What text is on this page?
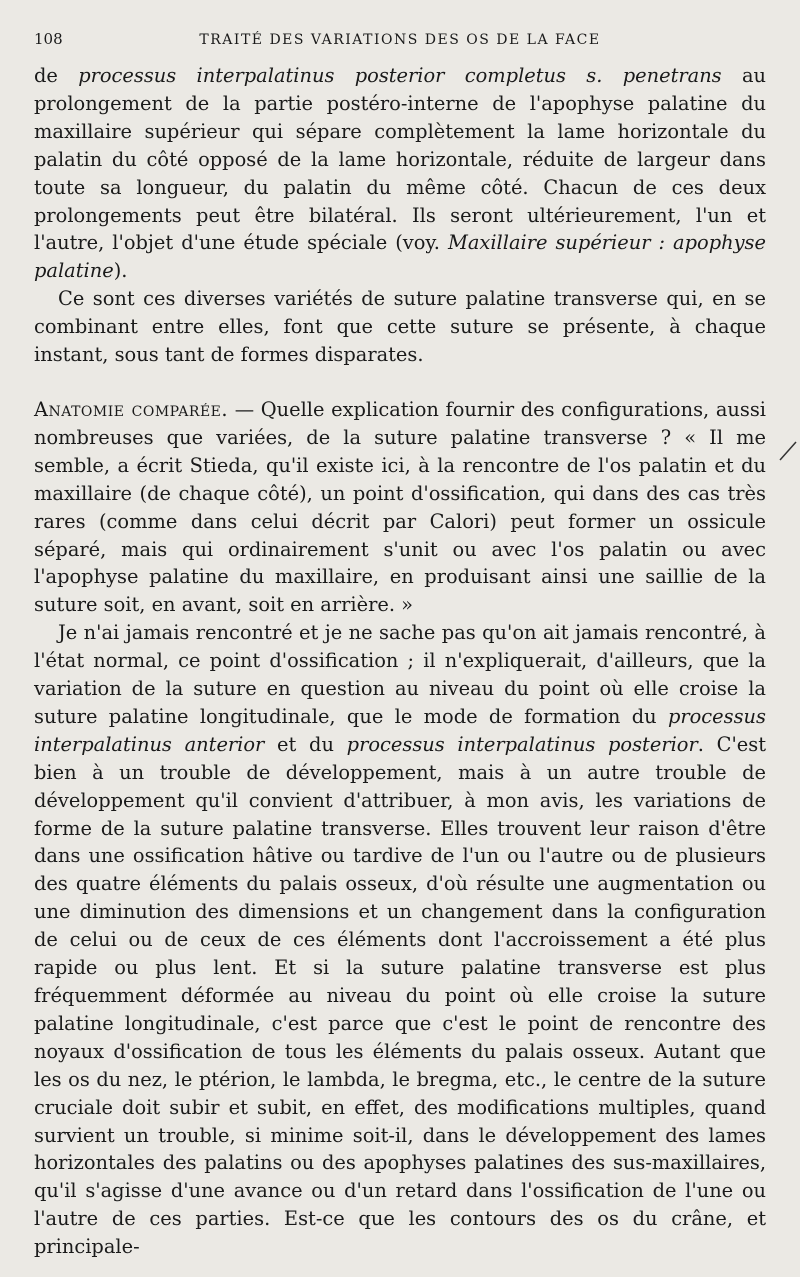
108	TRAITÉ DES VARIATIONS DES OS DE LA FACE

de processus interpalatinus posterior completus s. penetrans au prolongement de la partie postéro-interne de l'apophyse palatine du maxillaire supérieur qui sépare complètement la lame horizontale du palatin du côté opposé de la lame horizontale, réduite de largeur dans toute sa longueur, du palatin du même côté. Chacun de ces deux prolongements peut être bilatéral. Ils seront ultérieurement, l'un et l'autre, l'objet d'une étude spéciale (voy. Maxillaire supérieur : apophyse palatine).

Ce sont ces diverses variétés de suture palatine transverse qui, en se combinant entre elles, font que cette suture se présente, à chaque instant, sous tant de formes disparates.

Anatomie comparée. — Quelle explication fournir des configurations, aussi nombreuses que variées, de la suture palatine transverse ? « Il me semble, a écrit Stieda, qu'il existe ici, à la rencontre de l'os palatin et du maxillaire (de chaque côté), un point d'ossification, qui dans des cas très rares (comme dans celui décrit par Calori) peut former un ossicule séparé, mais qui ordinairement s'unit ou avec l'os palatin ou avec l'apophyse palatine du maxillaire, en produisant ainsi une saillie de la suture soit, en avant, soit en arrière. »

Je n'ai jamais rencontré et je ne sache pas qu'on ait jamais rencontré, à l'état normal, ce point d'ossification ; il n'expliquerait, d'ailleurs, que la variation de la suture en question au niveau du point où elle croise la suture palatine longitudinale, que le mode de formation du processus interpalatinus anterior et du processus interpalatinus posterior. C'est bien à un trouble de développement, mais à un autre trouble de développement qu'il convient d'attribuer, à mon avis, les variations de forme de la suture palatine transverse. Elles trouvent leur raison d'être dans une ossification hâtive ou tardive de l'un ou l'autre ou de plusieurs des quatre éléments du palais osseux, d'où résulte une augmentation ou une diminution des dimensions et un changement dans la configuration de celui ou de ceux de ces éléments dont l'accroissement a été plus rapide ou plus lent. Et si la suture palatine transverse est plus fréquemment déformée au niveau du point où elle croise la suture palatine longitudinale, c'est parce que c'est le point de rencontre des noyaux d'ossification de tous les éléments du palais osseux. Autant que les os du nez, le ptérion, le lambda, le bregma, etc., le centre de la suture cruciale doit subir et subit, en effet, des modifications multiples, quand survient un trouble, si minime soit-il, dans le développement des lames horizontales des palatins ou des apophyses palatines des sus-maxillaires, qu'il s'agisse d'une avance ou d'un retard dans l'ossification de l'une ou l'autre de ces parties. Est-ce que les contours des os du crâne, et principale-
